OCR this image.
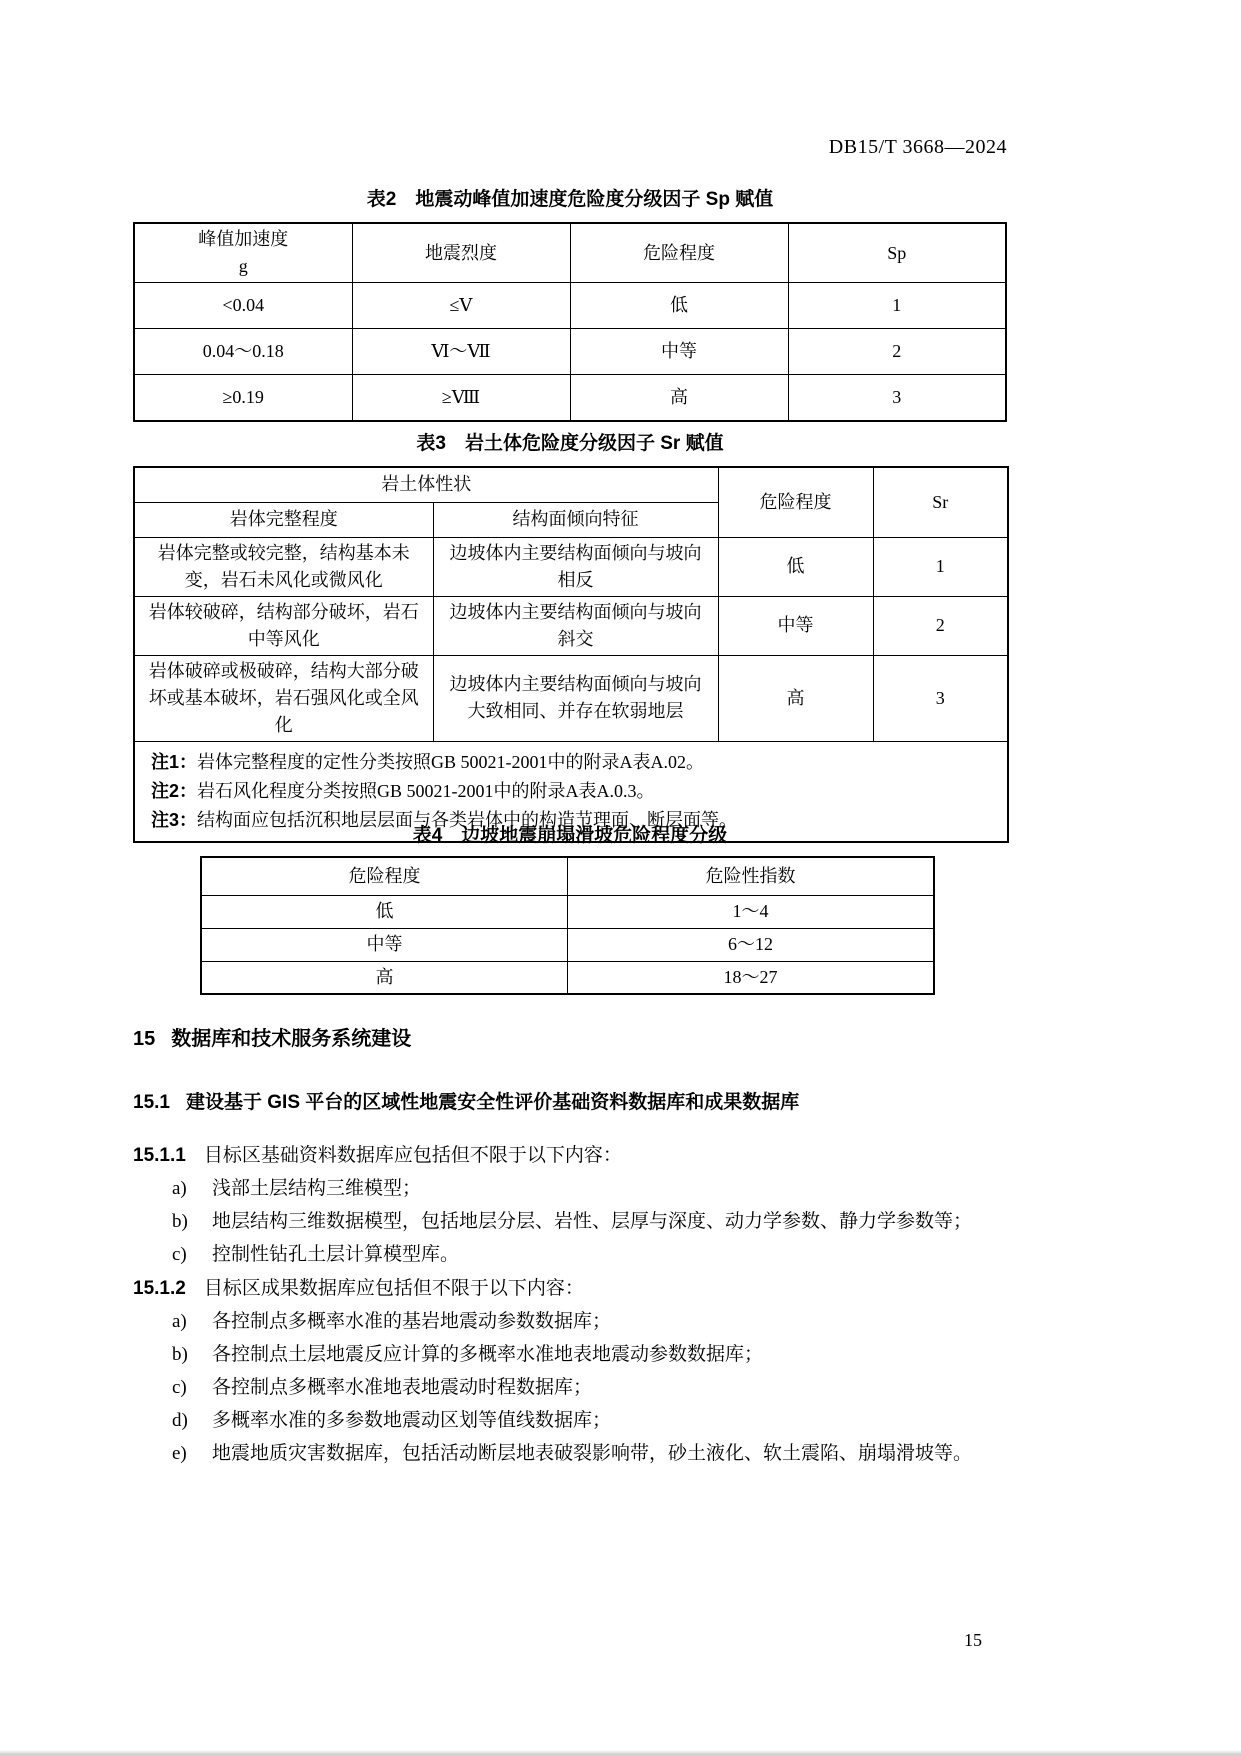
DB15/T 3668—2024
表2　地震动峰值加速度危险度分级因子 Sp 赋值
峰值加速度
g	地震烈度	危险程度	Sp
<0.04	≤Ⅴ	低	1
0.04～0.18	Ⅵ～Ⅶ	中等	2
≥0.19	≥Ⅷ	高	3
表3　岩土体危险度分级因子 Sr 赋值
岩土体性状		危险程度	Sr
岩体完整程度	结构面倾向特征		
岩体完整或较完整，结构基本未变，岩石未风化或微风化	边坡体内主要结构面倾向与坡向相反	低	1
岩体较破碎，结构部分破坏，岩石中等风化	边坡体内主要结构面倾向与坡向斜交	中等	2
岩体破碎或极破碎，结构大部分破坏或基本破坏，岩石强风化或全风化	边坡体内主要结构面倾向与坡向大致相同、并存在软弱地层	高	3

注1：岩体完整程度的定性分类按照GB 50021-2001中的附录A表A.02。
注2：岩石风化程度分类按照GB 50021-2001中的附录A表A.0.3。
注3：结构面应包括沉积地层层面与各类岩体中的构造节理面、断层面等。			
表4　边坡地震崩塌滑坡危险程度分级
危险程度	危险性指数
低	1～4
中等	6～12
高	18～27
15 数据库和技术服务系统建设
15.1 建设基于 GIS 平台的区域性地震安全性评价基础资料数据库和成果数据库
15.1.1 目标区基础资料数据库应包括但不限于以下内容：
a)	浅部土层结构三维模型；
b)	地层结构三维数据模型，包括地层分层、岩性、层厚与深度、动力学参数、静力学参数等；
c)	控制性钻孔土层计算模型库。
15.1.2 目标区成果数据库应包括但不限于以下内容：
a)	各控制点多概率水准的基岩地震动参数数据库；
b)	各控制点土层地震反应计算的多概率水准地表地震动参数数据库；
c)	各控制点多概率水准地表地震动时程数据库；
d)	多概率水准的多参数地震动区划等值线数据库；
e)	地震地质灾害数据库，包括活动断层地表破裂影响带，砂土液化、软土震陷、崩塌滑坡等。
15
